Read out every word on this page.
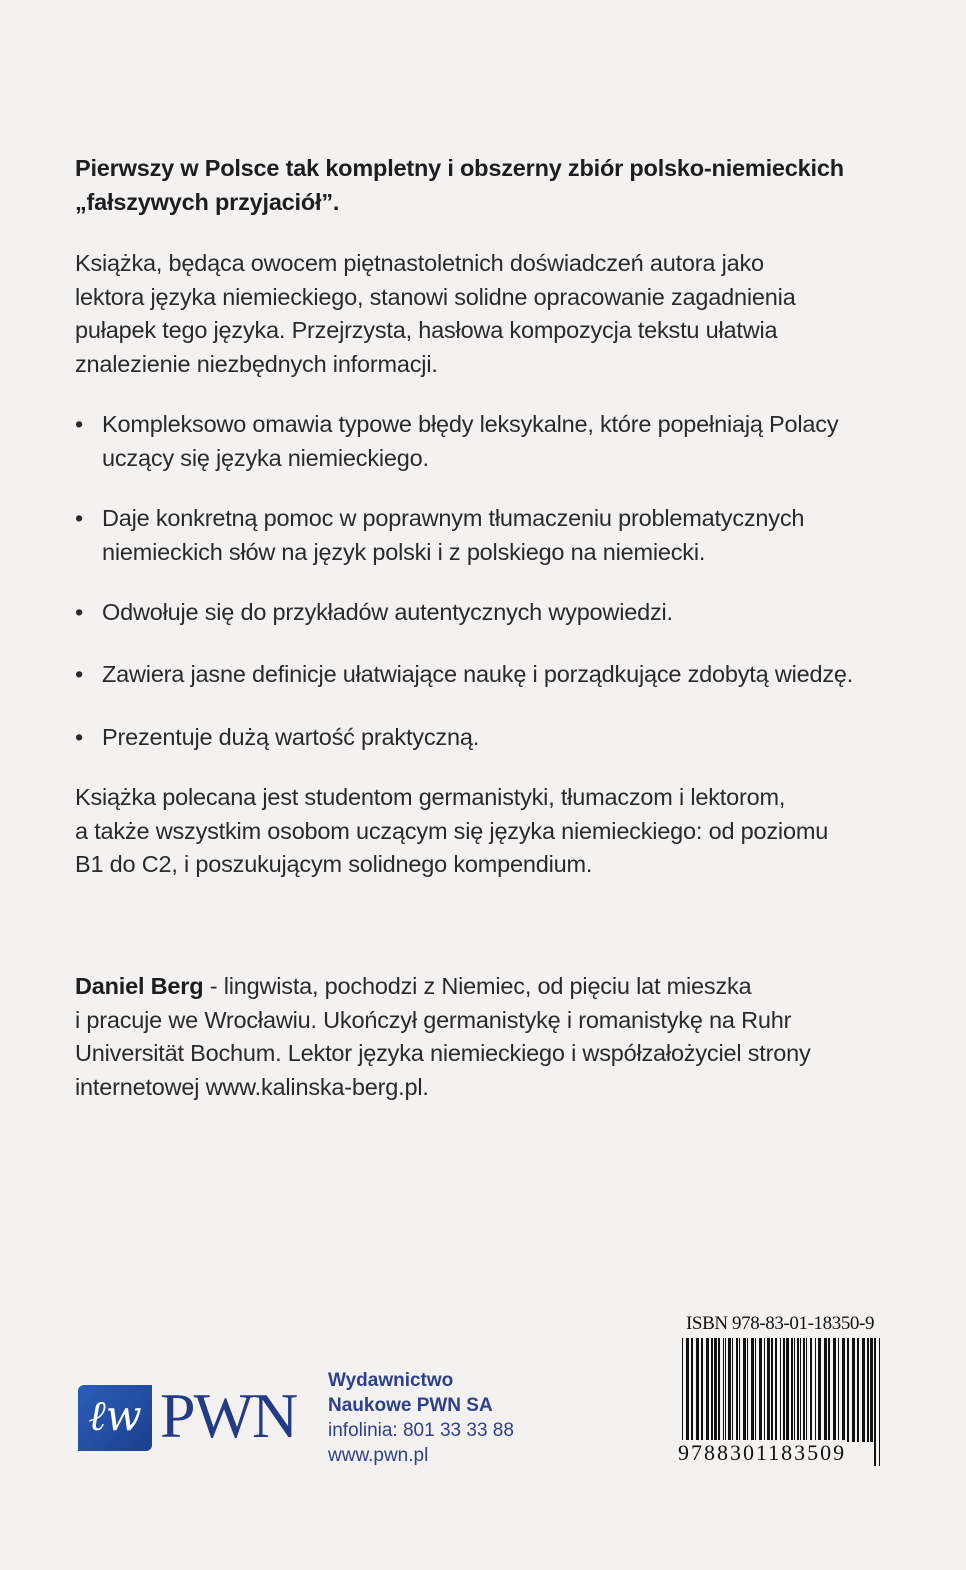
Pierwszy w Polsce tak kompletny i obszerny zbiór polsko-niemieckich
„fałszywych przyjaciół”.
Książka, będąca owocem piętnastoletnich doświadczeń autora jako
lektora języka niemieckiego, stanowi solidne opracowanie zagadnienia
pułapek tego języka. Przejrzysta, hasłowa kompozycja tekstu ułatwia
znalezienie niezbędnych informacji.
• Kompleksowo omawia typowe błędy leksykalne, które popełniają Polacy
uczący się języka niemieckiego.
• Daje konkretną pomoc w poprawnym tłumaczeniu problematycznych
niemieckich słów na język polski i z polskiego na niemiecki.
• Odwołuje się do przykładów autentycznych wypowiedzi.
• Zawiera jasne definicje ułatwiające naukę i porządkujące zdobytą wiedzę.
• Prezentuje dużą wartość praktyczną.
Książka polecana jest studentom germanistyki, tłumaczom i lektorom,
a także wszystkim osobom uczącym się języka niemieckiego: od poziomu
B1 do C2, i poszukującym solidnego kompendium.
Daniel Berg - lingwista, pochodzi z Niemiec, od pięciu lat mieszka
i pracuje we Wrocławiu. Ukończył germanistykę i romanistykę na Ruhr
Universität Bochum. Lektor języka niemieckiego i współzałożyciel strony
internetowej www.kalinska-berg.pl.
ℓw PWN Wydawnictwo
Naukowe PWN SA
infolinia: 801 33 33 88
www.pwn.pl
ISBN 978-83-01-18350-9
9788301183509
